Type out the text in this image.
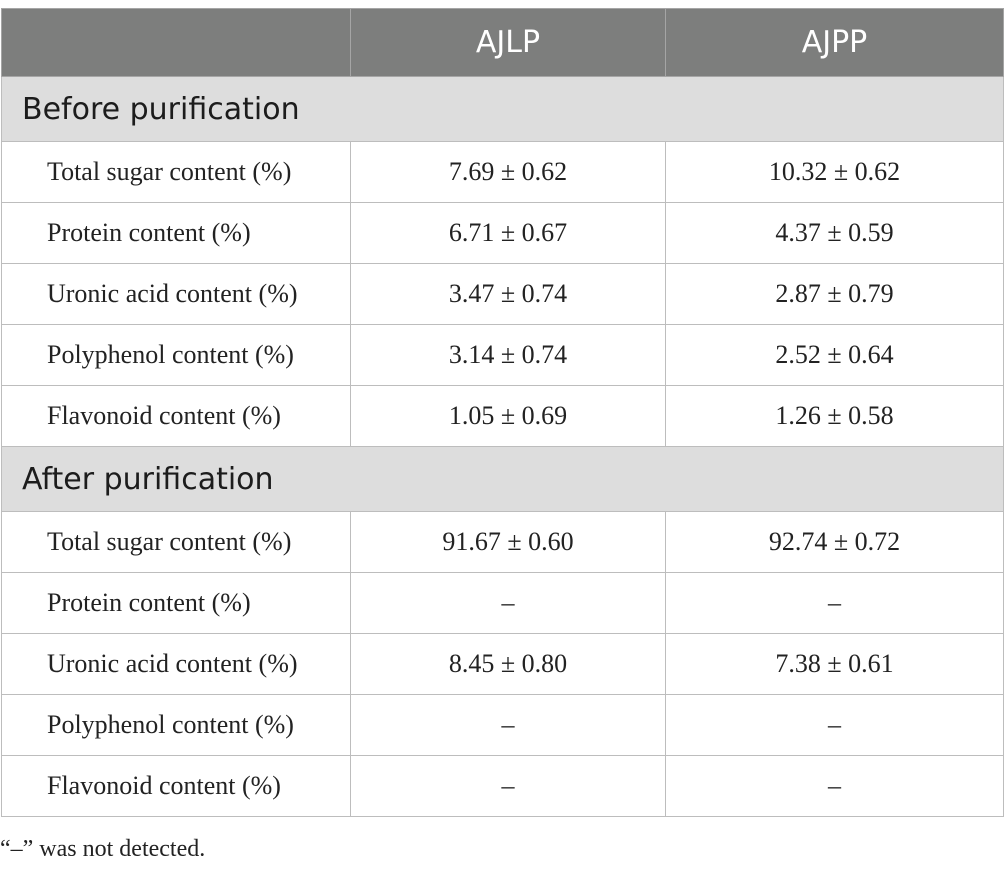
	AJLP	AJPP
Before purification		
Total sugar content (%)	7.69 ± 0.62	10.32 ± 0.62
Protein content (%)	6.71 ± 0.67	4.37 ± 0.59
Uronic acid content (%)	3.47 ± 0.74	2.87 ± 0.79
Polyphenol content (%)	3.14 ± 0.74	2.52 ± 0.64
Flavonoid content (%)	1.05 ± 0.69	1.26 ± 0.58
After purification		
Total sugar content (%)	91.67 ± 0.60	92.74 ± 0.72
Protein content (%)	–	–
Uronic acid content (%)	8.45 ± 0.80	7.38 ± 0.61
Polyphenol content (%)	–	–
Flavonoid content (%)	–	–
“–” was not detected.
